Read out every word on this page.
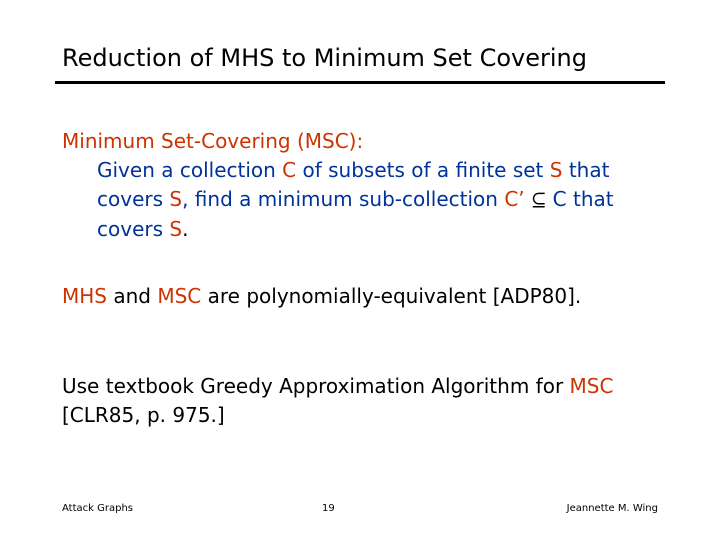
Reduction of MHS to Minimum Set Covering
Minimum Set-Covering (MSC):
Given a collection C of subsets of a finite set S that
covers S, find a minimum sub-collection C’ ⊆ C that
covers S.
MHS and MSC are polynomially-equivalent [ADP80].
Use textbook Greedy Approximation Algorithm for MSC
[CLR85, p. 975.]
Attack Graphs	19	Jeannette M. Wing
